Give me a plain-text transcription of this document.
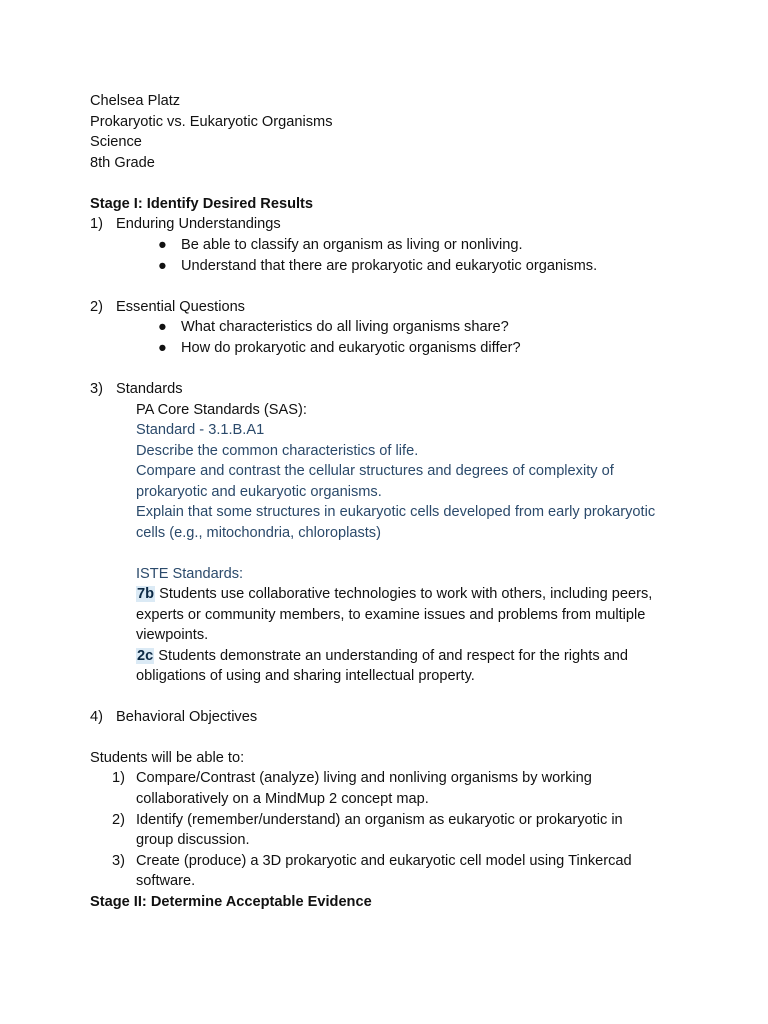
Chelsea Platz
Prokaryotic vs. Eukaryotic Organisms
Science
8th Grade
Stage I: Identify Desired Results
1) Enduring Understandings
● Be able to classify an organism as living or nonliving.
● Understand that there are prokaryotic and eukaryotic organisms.
2) Essential Questions
● What characteristics do all living organisms share?
● How do prokaryotic and eukaryotic organisms differ?
3) Standards
PA Core Standards (SAS):
Standard - 3.1.B.A1
Describe the common characteristics of life.
Compare and contrast the cellular structures and degrees of complexity of
prokaryotic and eukaryotic organisms.
Explain that some structures in eukaryotic cells developed from early prokaryotic
cells (e.g., mitochondria, chloroplasts)
ISTE Standards:
7b Students use collaborative technologies to work with others, including peers,
experts or community members, to examine issues and problems from multiple
viewpoints.
2c Students demonstrate an understanding of and respect for the rights and
obligations of using and sharing intellectual property.
4) Behavioral Objectives
Students will be able to:
1) Compare/Contrast (analyze) living and nonliving organisms by working
collaboratively on a MindMup 2 concept map.
2) Identify (remember/understand) an organism as eukaryotic or prokaryotic in
group discussion.
3) Create (produce) a 3D prokaryotic and eukaryotic cell model using Tinkercad
software.
Stage II: Determine Acceptable Evidence
